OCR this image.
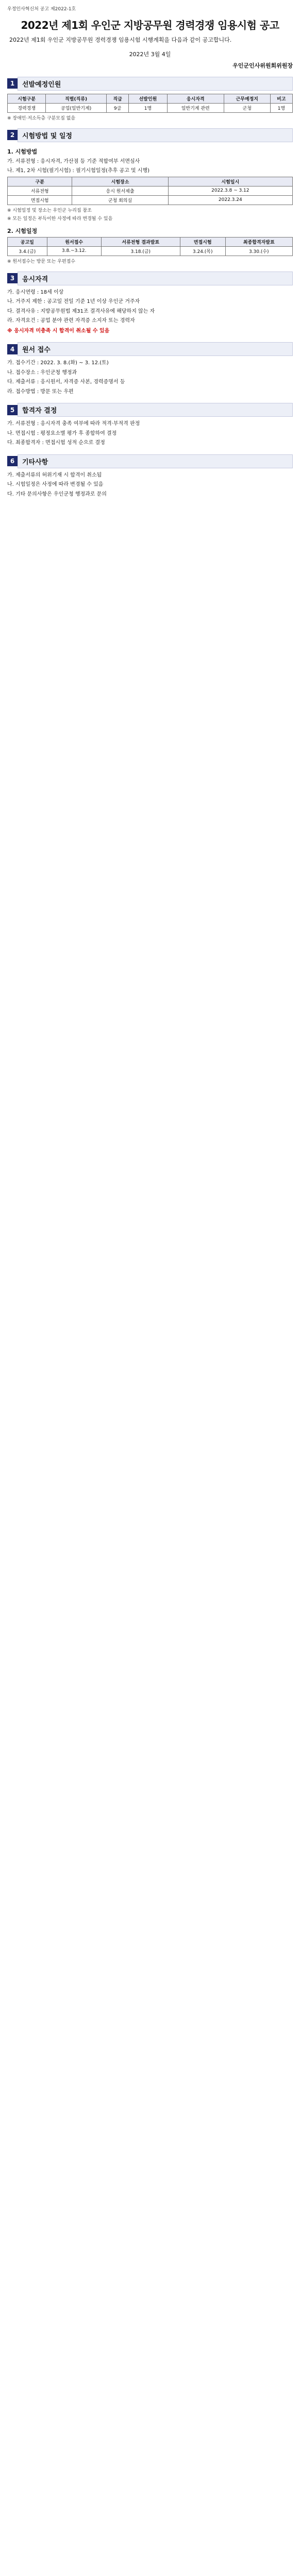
우정인사혁신처 공고 제2022-1호
2022년 제1회 우인군 지방공무원 경력경쟁 임용시험 공고
2022년 제1회 우인군 지방공무원 경력경쟁 임용시험 시행계획을 다음과 같이 공고합니다.
2022년 3월 4일
우인군인사위원회위원장
1	선발예정인원
시험구분	직렬(직류)	직급	선발인원	응시자격	근무예정지	비고
경력경쟁	공업(일반기계)	9급	1명	일반기계 관련	군청	1명
※ 장애인·저소득층 구분모집 없음
2	시험방법 및 일정
1. 시험방법
가. 서류전형 : 응시자격, 가산점 등 기준 적합여부 서면심사
나. 제1, 2차 시험(필기시험) : 필기시험일정(추후 공고 및 시행)
구분	시험장소	시험일시
서류전형	응시 원서제출	2022.3.8 ~ 3.12
면접시험	군청 회의실	2022.3.24
※ 시험일정 및 장소는 우인군 누리집 참조
※ 모든 일정은 부득이한 사정에 따라 변경될 수 있음
2. 시험일정
공고일	원서접수	서류전형 결과발표	면접시험	최종합격자발표
3.4.(금)	3.8.~3.12.	3.18.(금)	3.24.(목)	3.30.(수)
※ 원서접수는 방문 또는 우편접수
3	응시자격
가. 응시연령 : 18세 이상
나. 거주지 제한 : 공고일 전일 기준 1년 이상 우인군 거주자
다. 결격사유 : 지방공무원법 제31조 결격사유에 해당하지 않는 자
라. 자격요건 : 공업 분야 관련 자격증 소지자 또는 경력자
※ 응시자격 미충족 시 합격이 취소될 수 있음
4	원서 접수
가. 접수기간 : 2022. 3. 8.(화) ~ 3. 12.(토)
나. 접수장소 : 우인군청 행정과
다. 제출서류 : 응시원서, 자격증 사본, 경력증명서 등
라. 접수방법 : 방문 또는 우편
5	합격자 결정
가. 서류전형 : 응시자격 충족 여부에 따라 적격·부적격 판정
나. 면접시험 : 평정요소별 평가 후 종합하여 결정
다. 최종합격자 : 면접시험 성적 순으로 결정
6	기타사항
가. 제출서류의 허위기재 시 합격이 취소됨
나. 시험일정은 사정에 따라 변경될 수 있음
다. 기타 문의사항은 우인군청 행정과로 문의
